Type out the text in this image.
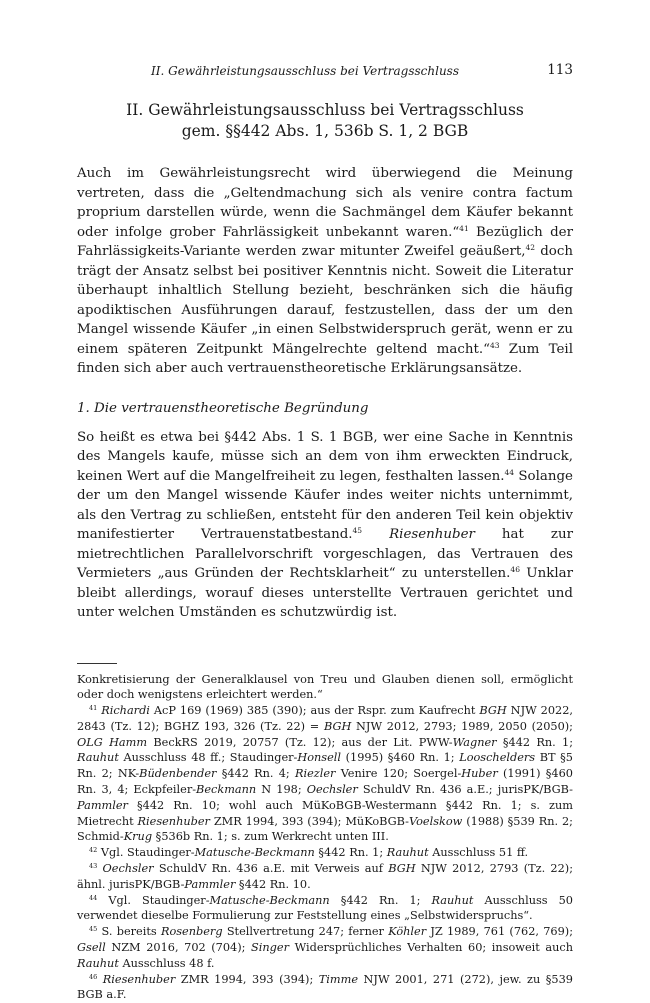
II. Gewährleistungsausschluss bei Vertragsschluss	113
II. Gewährleistungsausschluss bei Vertragsschluss
gem. §§442 Abs. 1, 536b S. 1, 2 BGB

Auch im Gewährleistungsrecht wird überwiegend die Meinung vertreten, dass die „Geltendmachung sich als venire contra factum proprium darstellen würde, wenn die Sachmängel dem Käufer bekannt oder infolge grober Fahrlässigkeit unbekannt waren.“$^{41}$ Bezüglich der Fahrlässigkeits-Variante werden zwar mitunter Zweifel geäußert,$^{42}$ doch trägt der Ansatz selbst bei positiver Kenntnis nicht. Soweit die Literatur überhaupt inhaltlich Stellung bezieht, beschränken sich die häufig apodiktischen Ausführungen darauf, festzustellen, dass der um den Mangel wissende Käufer „in einen Selbstwiderspruch gerät, wenn er zu einem späteren Zeitpunkt Mängelrechte geltend macht.“$^{43}$ Zum Teil finden sich aber auch vertrauenstheoretische Erklärungsansätze.

1. Die vertrauenstheoretische Begründung

So heißt es etwa bei §442 Abs. 1 S. 1 BGB, wer eine Sache in Kenntnis des Mangels kaufe, müsse sich an dem von ihm erweckten Eindruck, keinen Wert auf die Mangelfreiheit zu legen, festhalten lassen.$^{44}$ Solange der um den Mangel wissende Käufer indes weiter nichts unternimmt, als den Vertrag zu schließen, entsteht für den anderen Teil kein objektiv manifestierter Vertrauenstatbestand.$^{45}$ Riesenhuber hat zur mietrechtlichen Parallelvorschrift vorgeschlagen, das Vertrauen des Vermieters „aus Gründen der Rechtsklarheit“ zu unterstellen.$^{46}$ Unklar bleibt allerdings, worauf dieses unterstellte Vertrauen gerichtet und unter welchen Umständen es schutzwürdig ist.

Konkretisierung der Generalklausel von Treu und Glauben dienen soll, ermöglicht oder doch wenigstens erleichtert werden.“

$^{41}$ Richardi AcP 169 (1969) 385 (390); aus der Rspr. zum Kaufrecht BGH NJW 2022, 2843 (Tz. 12); BGHZ 193, 326 (Tz. 22) = BGH NJW 2012, 2793; 1989, 2050 (2050); OLG Hamm BeckRS 2019, 20757 (Tz. 12); aus der Lit. PWW-Wagner §442 Rn. 1; Rauhut Ausschluss 48 ff.; Staudinger-Honsell (1995) §460 Rn. 1; Looschelders BT §5 Rn. 2; NK-Büdenbender §442 Rn. 4; Riezler Venire 120; Soergel-Huber (1991) §460 Rn. 3, 4; Eckpfeiler-Beckmann N 198; Oechsler SchuldV Rn. 436 a.E.; jurisPK/BGB-Pammler §442 Rn. 10; wohl auch MüKoBGB-Westermann §442 Rn. 1; s. zum Mietrecht Riesenhuber ZMR 1994, 393 (394); MüKoBGB-Voelskow (1988) §539 Rn. 2; Schmid-Krug §536b Rn. 1; s. zum Werkrecht unten III.

$^{42}$ Vgl. Staudinger-Matusche-Beckmann §442 Rn. 1; Rauhut Ausschluss 51 ff.

$^{43}$ Oechsler SchuldV Rn. 436 a.E. mit Verweis auf BGH NJW 2012, 2793 (Tz. 22); ähnl. jurisPK/BGB-Pammler §442 Rn. 10.

$^{44}$ Vgl. Staudinger-Matusche-Beckmann §442 Rn. 1; Rauhut Ausschluss 50 verwendet dieselbe Formulierung zur Feststellung eines „Selbstwiderspruchs“.

$^{45}$ S. bereits Rosenberg Stellvertretung 247; ferner Köhler JZ 1989, 761 (762, 769); Gsell NZM 2016, 702 (704); Singer Widersprüchliches Verhalten 60; insoweit auch Rauhut Ausschluss 48 f.

$^{46}$ Riesenhuber ZMR 1994, 393 (394); Timme NJW 2001, 271 (272), jew. zu §539 BGB a.F.
